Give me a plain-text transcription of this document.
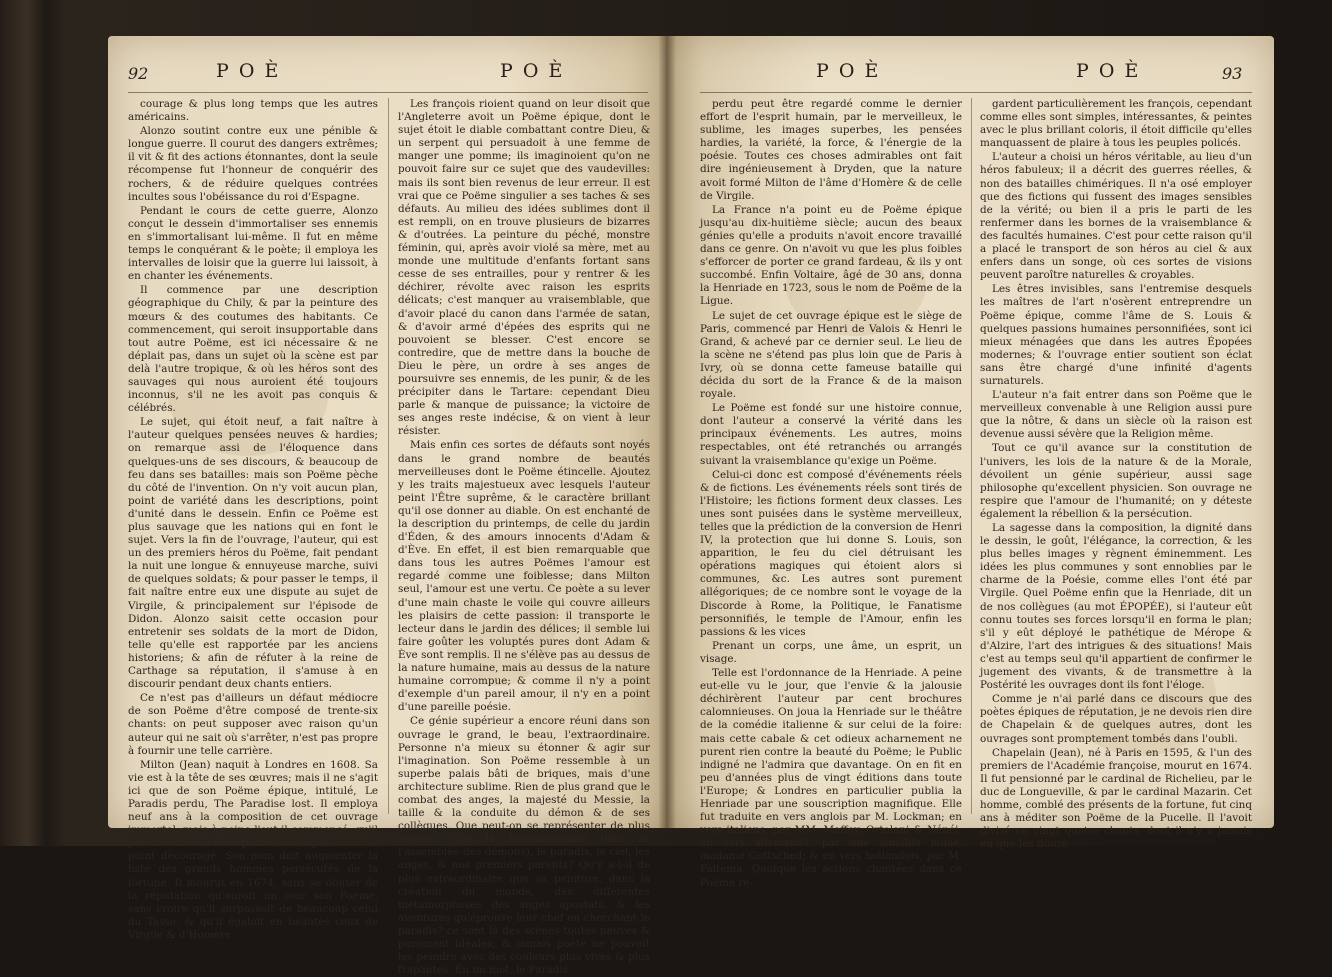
92	P O È	P O È

courage & plus long temps que les autres américains.

Alonzo soutint contre eux une pénible & longue guerre. Il courut des dangers extrêmes; il vit & fit des actions étonnantes, dont la seule récompense fut l'honneur de conquérir des rochers, & de réduire quelques contrées incultes sous l'obéissance du roi d'Espagne.

Pendant le cours de cette guerre, Alonzo conçut le dessein d'immortaliser ses ennemis en s'immortalisant lui-même. Il fut en même temps le conquérant & le poète; il employa les intervalles de loisir que la guerre lui laissoit, à en chanter les événements.

Il commence par une description géographique du Chily, & par la peinture des mœurs & des coutumes des habitants. Ce commencement, qui seroit insupportable dans tout autre Poëme, est ici nécessaire & ne déplait pas, dans un sujet où la scène est par delà l'autre tropique, & où les héros sont des sauvages qui nous auroient été toujours inconnus, s'il ne les avoit pas conquis & célébrés.

Le sujet, qui étoit neuf, a fait naître à l'auteur quelques pensées neuves & hardies; on remarque assi de l'éloquence dans quelques-uns de ses discours, & beaucoup de feu dans ses batailles: mais son Poëme pèche du côté de l'invention. On n'y voit aucun plan, point de variété dans les descriptions, point d'unité dans le dessein. Enfin ce Poëme est plus sauvage que les nations qui en font le sujet. Vers la fin de l'ouvrage, l'auteur, qui est un des premiers héros du Poëme, fait pendant la nuit une longue & ennuyeuse marche, suivi de quelques soldats; & pour passer le temps, il fait naître entre eux une dispute au sujet de Virgile, & principalement sur l'épisode de Didon. Alonzo saisit cette occasion pour entretenir ses soldats de la mort de Didon, telle qu'elle est rapportée par les anciens historiens; & afin de réfuter à la reine de Carthage sa réputation, il s'amuse à en discourir pendant deux chants entiers.

Ce n'est pas d'ailleurs un défaut médiocre de son Poëme d'être composé de trente-six chants: on peut supposer avec raison qu'un auteur qui ne sait où s'arrêter, n'est pas propre à fournir une telle carrière.

Milton (Jean) naquit à Londres en 1608. Sa vie est à la tête de ses œuvres; mais il ne s'agit ici que de son Poëme épique, intitulé, Le Paradis perdu, The Paradise lost. Il employa neuf ans à la composition de cet ouvrage immortel; mais à peine l'eut-il commencé, qu'il perdit la vûe. Il étoit pauvre, aveugle, & ne fut point découragé. Son nom doit augmenter la liste des grands hommes persécutés de la fortune. Il mourut en 1674, sans se douter de la réputation qu'auroit un jour son Poëme, sans croire qu'il surpassoit de beaucoup celui du Tasse, & qu'il égaloit en beautés ceux de Virgile & d'Homère.

Les françois rioient quand on leur disoit que l'Angleterre avoit un Poëme épique, dont le sujet étoit le diable combattant contre Dieu, & un serpent qui persuadoit à une femme de manger une pomme; ils imaginoient qu'on ne pouvoit faire sur ce sujet que des vaudevilles: mais ils sont bien revenus de leur erreur. Il est vrai que ce Poëme singulier a ses taches & ses défauts. Au milieu des idées sublimes dont il est rempli, on en trouve plusieurs de bizarres & d'outrées. La peinture du péché, monstre féminin, qui, après avoir violé sa mère, met au monde une multitude d'enfants fortant sans cesse de ses entrailles, pour y rentrer & les déchirer, révolte avec raison les esprits délicats; c'est manquer au vraisemblable, que d'avoir placé du canon dans l'armée de satan, & d'avoir armé d'épées des esprits qui ne pouvoient se blesser. C'est encore se contredire, que de mettre dans la bouche de Dieu le père, un ordre à ses anges de poursuivre ses ennemis, de les punir, & de les précipiter dans le Tartare: cependant Dieu parle & manque de puissance; la victoire de ses anges reste indécise, & on vient à leur résister.

Mais enfin ces sortes de défauts sont noyés dans le grand nombre de beautés merveilleuses dont le Poëme étincelle. Ajoutez y les traits majestueux avec lesquels l'auteur peint l'Être suprême, & le caractère brillant qu'il ose donner au diable. On est enchanté de la description du printemps, de celle du jardin d'Éden, & des amours innocents d'Adam & d'Ève. En effet, il est bien remarquable que dans tous les autres Poëmes l'amour est regardé comme une foiblesse; dans Milton seul, l'amour est une vertu. Ce poète a su lever d'une main chaste le voile qui couvre ailleurs les plaisirs de cette passion: il transporte le lecteur dans le jardin des délices; il semble lui faire goûter les voluptés pures dont Adam & Ève sont remplis. Il ne s'élève pas au dessus de la nature humaine, mais au dessus de la nature humaine corrompue; & comme il n'y a point d'exemple d'un pareil amour, il n'y en a point d'une pareille poésie.

Ce génie supérieur a encore réuni dans son ouvrage le grand, le beau, l'extraordinaire. Personne n'a mieux su étonner & agir sur l'imagination. Son Poëme ressemble à un superbe palais bâti de briques, mais d'une architecture sublime. Rien de plus grand que le combat des anges, la majesté du Messie, la taille & la conduite du démon & de ses collègues. Que peut-on se représenter de plus auguste que le Pandæmonium (lieu de l'assemblée des démons), le paradis, le ciel, les anges, & nos premiers parents? Qu'y a-t-il de plus extraordinaire que sa peinture, dans la création du monde, des différentes métamorphoses des anges apostats, & les aventures qu'éprouve leur chef en cherchant le paradis? ce sont là des scènes toutes neuves & purement idéales; & jamais poète ne pouvoit les peindre avec des couleurs plus vives & plus frapantes. En un mot, le Paradis

P O È	P O È	93

perdu peut être regardé comme le dernier effort de l'esprit humain, par le merveilleux, le sublime, les images superbes, les pensées hardies, la variété, la force, & l'énergie de la poésie. Toutes ces choses admirables ont fait dire ingénieusement à Dryden, que la nature avoit formé Milton de l'âme d'Homère & de celle de Virgile.

La France n'a point eu de Poëme épique jusqu'au dix-huitième siècle; aucun des beaux génies qu'elle a produits n'avoit encore travaillé dans ce genre. On n'avoit vu que les plus foibles s'efforcer de porter ce grand fardeau, & ils y ont succombé. Enfin Voltaire, âgé de 30 ans, donna la Henriade en 1723, sous le nom de Poëme de la Ligue.

Le sujet de cet ouvrage épique est le siège de Paris, commencé par Henri de Valois & Henri le Grand, & achevé par ce dernier seul. Le lieu de la scène ne s'étend pas plus loin que de Paris à Ivry, où se donna cette fameuse bataille qui décida du sort de la France & de la maison royale.

Le Poëme est fondé sur une histoire connue, dont l'auteur a conservé la vérité dans les principaux événements. Les autres, moins respectables, ont été retranchés ou arrangés suivant la vraisemblance qu'exige un Poëme.

Celui-ci donc est composé d'événements réels & de fictions. Les événements réels sont tirés de l'Histoire; les fictions forment deux classes. Les unes sont puisées dans le système merveilleux, telles que la prédiction de la conversion de Henri IV, la protection que lui donne S. Louis, son apparition, le feu du ciel détruisant les opérations magiques qui étoient alors si communes, &c. Les autres sont purement allégoriques; de ce nombre sont le voyage de la Discorde à Rome, la Politique, le Fanatisme personnifiés, le temple de l'Amour, enfin les passions & les vices

Prenant un corps, une âme, un esprit, un visage.

Telle est l'ordonnance de la Henriade. A peine eut-elle vu le jour, que l'envie & la jalousie déchirèrent l'auteur par cent brochures calomnieuses. On joua la Henriade sur le théâtre de la comédie italienne & sur celui de la foire: mais cette cabale & cet odieux acharnement ne purent rien contre la beauté du Poëme; le Public indigné ne l'admira que davantage. On en fit en peu d'années plus de vingt éditions dans toute l'Europe; & Londres en particulier publia la Henriade par une souscription magnifique. Elle fut traduite en vers anglois par M. Lockman; en vers italiens, par MM. Maffey, Ortolani & Nénéi; en vers allemands, par une aimable muse, madame Gottsched; & en vers hollandois, par M. Faitema. Quoique les actions chantées dans ce Poëme re-

gardent particulièrement les françois, cependant comme elles sont simples, intéressantes, & peintes avec le plus brillant coloris, il étoit difficile qu'elles manquassent de plaire à tous les peuples policés.

L'auteur a choisi un héros véritable, au lieu d'un héros fabuleux; il a décrit des guerres réelles, & non des batailles chimériques. Il n'a osé employer que des fictions qui fussent des images sensibles de la vérité; ou bien il a pris le parti de les renfermer dans les bornes de la vraisemblance & des facultés humaines. C'est pour cette raison qu'il a placé le transport de son héros au ciel & aux enfers dans un songe, où ces sortes de visions peuvent paroître naturelles & croyables.

Les êtres invisibles, sans l'entremise desquels les maîtres de l'art n'osèrent entreprendre un Poëme épique, comme l'âme de S. Louis & quelques passions humaines personnifiées, sont ici mieux ménagées que dans les autres Épopées modernes; & l'ouvrage entier soutient son éclat sans être chargé d'une infinité d'agents surnaturels.

L'auteur n'a fait entrer dans son Poëme que le merveilleux convenable à une Religion aussi pure que la nôtre, & dans un siècle où la raison est devenue aussi sévère que la Religion même.

Tout ce qu'il avance sur la constitution de l'univers, les lois de la nature & de la Morale, dévoilent un génie supérieur, aussi sage philosophe qu'excellent physicien. Son ouvrage ne respire que l'amour de l'humanité; on y déteste également la rébellion & la persécution.

La sagesse dans la composition, la dignité dans le dessin, le goût, l'élégance, la correction, & les plus belles images y règnent éminemment. Les idées les plus communes y sont ennoblies par le charme de la Poésie, comme elles l'ont été par Virgile. Quel Poëme enfin que la Henriade, dit un de nos collègues (au mot ÉPOPÉE), si l'auteur eût connu toutes ses forces lorsqu'il en forma le plan; s'il y eût déployé le pathétique de Mérope & d'Alzire, l'art des intrigues & des situations! Mais c'est au temps seul qu'il appartient de confirmer le jugement des vivants, & de transmettre à la Postérité les ouvrages dont ils font l'éloge.

Comme je n'ai parlé dans ce discours que des poètes épiques de réputation, je ne devois rien dire de Chapelain & de quelques autres, dont les ouvrages sont promptement tombés dans l'oubli.

Chapelain (Jean), né à Paris en 1595, & l'un des premiers de l'Académie françoise, mourut en 1674. Il fut pensionné par le cardinal de Richelieu, par le duc de Longueville, & par le cardinal Mazarin. Cet homme, comblé des présents de la fortune, fut cinq ans à méditer son Poëme de la Pucelle. Il l'avoit divisé en vingt quatre chants, dont il n'y a jamais eu que les douze
